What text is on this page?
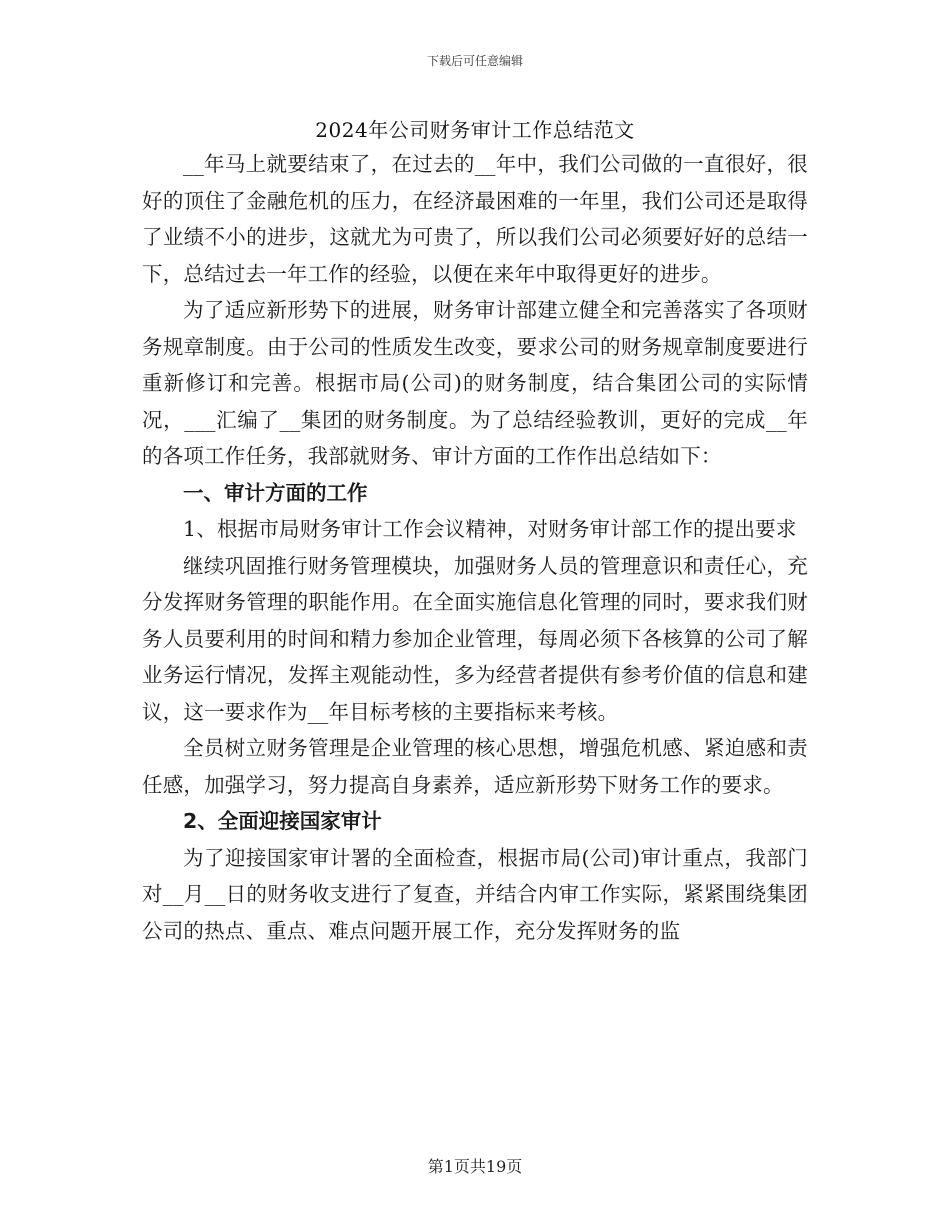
下载后可任意编辑
2024年公司财务审计工作总结范文

__年马上就要结束了，在过去的__年中，我们公司做的一直很好，很好的顶住了金融危机的压力，在经济最困难的一年里，我们公司还是取得了业绩不小的进步，这就尤为可贵了，所以我们公司必须要好好的总结一下，总结过去一年工作的经验，以便在来年中取得更好的进步。

为了适应新形势下的进展，财务审计部建立健全和完善落实了各项财务规章制度。由于公司的性质发生改变，要求公司的财务规章制度要进行重新修订和完善。根据市局(公司)的财务制度，结合集团公司的实际情况，___汇编了__集团的财务制度。为了总结经验教训，更好的完成__年的各项工作任务，我部就财务、审计方面的工作作出总结如下：

一、审计方面的工作

1、根据市局财务审计工作会议精神，对财务审计部工作的提出要求

继续巩固推行财务管理模块，加强财务人员的管理意识和责任心，充分发挥财务管理的职能作用。在全面实施信息化管理的同时，要求我们财务人员要利用的时间和精力参加企业管理，每周必须下各核算的公司了解业务运行情况，发挥主观能动性，多为经营者提供有参考价值的信息和建议，这一要求作为__年目标考核的主要指标来考核。

全员树立财务管理是企业管理的核心思想，增强危机感、紧迫感和责任感，加强学习，努力提高自身素养，适应新形势下财务工作的要求。

2、全面迎接国家审计

为了迎接国家审计署的全面检查，根据市局(公司)审计重点，我部门对__月__日的财务收支进行了复查，并结合内审工作实际，紧紧围绕集团公司的热点、重点、难点问题开展工作，充分发挥财务的监

第1页共19页
